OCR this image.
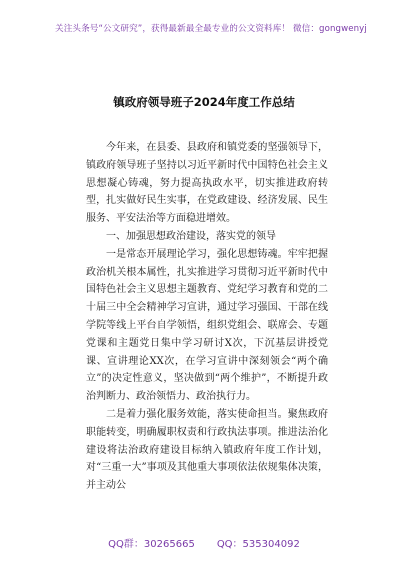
关注头条号“公文研究”，获得最新最全最专业的公文资料库！ 微信：gongwenyj
镇政府领导班子2024年度工作总结

今年来，在县委、县政府和镇党委的坚强领导下，镇政府领导班子坚持以习近平新时代中国特色社会主义思想凝心铸魂，努力提高执政水平，切实推进政府转型，扎实做好民生实事，在党政建设、经济发展、民生服务、平安法治等方面稳进增效。

一、加强思想政治建设，落实党的领导

一是常态开展理论学习，强化思想铸魂。牢牢把握政治机关根本属性，扎实推进学习贯彻习近平新时代中国特色社会主义思想主题教育、党纪学习教育和党的二十届三中全会精神学习宣讲，通过学习强国、干部在线学院等线上平台自学领悟，组织党组会、联席会、专题党课和主题党日集中学习研讨X次，下沉基层讲授党课、宣讲理论XX次，在学习宣讲中深刻领会“两个确立”的决定性意义，坚决做到“两个维护”，不断提升政治判断力、政治领悟力、政治执行力。

二是着力强化服务效能，落实使命担当。聚焦政府职能转变，明确履职权责和行政执法事项。推进法治化建设将法治政府建设目标纳入镇政府年度工作计划，对“三重一大”事项及其他重大事项依法依规集体决策，并主动公

QQ群：30265665 QQ：535304092
